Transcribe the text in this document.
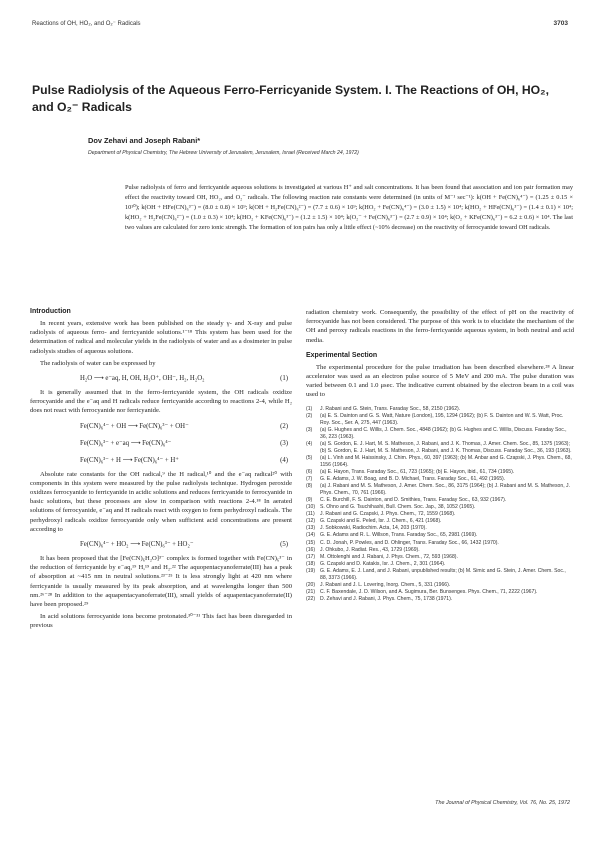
Reactions of OH, HO₂, and O₂⁻ Radicals	3703
Pulse Radiolysis of the Aqueous Ferro-Ferricyanide System. I. The Reactions of OH, HO₂, and O₂⁻ Radicals
Dov Zehavi and Joseph Rabani*
Department of Physical Chemistry, The Hebrew University of Jerusalem, Jerusalem, Israel (Received March 24, 1972)
Pulse radiolysis of ferro and ferricyanide aqueous solutions is investigated at various H⁺ and salt concentrations. It has been found that association and ion pair formation may effect the reactivity toward OH, HO₂, and O₂⁻ radicals. The following reaction rate constants were determined (in units of M⁻¹ sec⁻¹): k(OH + Fe(CN)₆⁴⁻) = (1.25 ± 0.15 × 10¹⁰); k(OH + HFe(CN)₆³⁻) = (8.0 ± 0.8) × 10⁹; k(OH + H₂Fe(CN)₆²⁻) = (7.7 ± 0.6) × 10⁹; k(HO₂ + Fe(CN)₆⁴⁻) = (3.0 ± 1.5) × 10⁴; k(HO₂ + HFe(CN)₆³⁻) = (1.4 ± 0.1) × 10⁴; k(HO₂ + H₂Fe(CN)₆²⁻) = (1.0 ± 0.3) × 10⁴; k(HO₂ + KFe(CN)₆³⁻) = (1.2 ± 1.5) × 10⁴; k(O₂⁻ + Fe(CN)₆³⁻) = (2.7 ± 0.9) × 10⁴; k(O₂ + KFe(CN)₆³⁻) = 6.2 ± 0.6) × 10⁴. The last two values are calculated for zero ionic strength. The formation of ion pairs has only a little effect (~10% decrease) on the reactivity of ferrocyanide toward OH radicals.
Introduction

In recent years, extensive work has been published on the steady γ- and X-ray and pulse radiolysis of aqueous ferro- and ferricyanide solutions.¹⁻¹⁸ This system has been used for the determination of radical and molecular yields in the radiolysis of water and as a dosimeter in pulse radiolysis studies of aqueous solutions.

The radiolysis of water can be expressed by

H₂O ⟶ e⁻aq, H, OH, H₃O⁺, OH⁻, H₂, H₂O₂	(1)

It is generally assumed that in the ferro-ferricyanide system, the OH radicals oxidize ferrocyanide and the e⁻aq and H radicals reduce ferricyanide according to reactions 2-4, while H₂ does not react with ferrocyanide nor ferricyanide.

Fe(CN)₆⁴⁻ + OH ⟶ Fe(CN)₆³⁻ + OH⁻	(2)
Fe(CN)₆³⁻ + e⁻aq ⟶ Fe(CN)₆⁴⁻	(3)
Fe(CN)₆³⁻ + H ⟶ Fe(CN)₆⁴⁻ + H⁺	(4)

Absolute rate constants for the OH radical,⁹ the H radical,¹⁰ and the e⁻aq radical²⁰ with components in this system were measured by the pulse radiolysis technique. Hydrogen peroxide oxidizes ferrocyanide to ferricyanide in acidic solutions and reduces ferricyanide to ferrocyanide in basic solutions, but these processes are slow in comparison with reactions 2-4.¹⁸ In aerated solutions of ferrocyanide, e⁻aq and H radicals react with oxygen to form perhydroxyl radicals. The perhydroxyl radicals oxidize ferrocyanide only when sufficient acid concentrations are present according to

Fe(CN)₆⁴⁻ + HO₂ ⟶ Fe(CN)₆³⁻ + HO₂⁻	(5)

It has been proposed that the [Fe(CN)₆H₂O]³⁻ complex is formed together with Fe(CN)₆³⁻ in the reduction of ferricyanide by e⁻aq,¹⁹ H,¹⁹ and H₂.²² The aquopentacyanoferrate(III) has a peak of absorption at ~415 nm in neutral solutions.²³⁻²⁵ It is less strongly light at 420 nm where ferricyanide is usually measured by its peak absorption, and at wavelengths longer than 500 nm.²⁶⁻²⁸ In addition to the aquapentacyanoferrate(III), small yields of aquapentacyanoferrate(II) have been proposed.²⁹

In acid solutions ferrocyanide ions become protonated.³⁰⁻³¹ This fact has been disregarded in previous

radiation chemistry work. Consequently, the possibility of the effect of pH on the reactivity of ferrocyanide has not been considered. The purpose of this work is to elucidate the mechanism of the OH and peroxy radicals reactions in the ferro-ferricyanide aqueous system, in both neutral and acid media.

Experimental Section

The experimental procedure for the pulse irradiation has been described elsewhere.²⁸ A linear accelerator was used as an electron pulse source of 5 MeV and 200 mA. The pulse duration was varied between 0.1 and 1.0 μsec. The indicative current obtained by the electron beam in a coil was used to

(1)	J. Rabani and G. Stein, Trans. Faraday Soc., 58, 2150 (1962).
(2)	(a) E. S. Dainton and G. S. Watt, Nature (London), 195, 1294 (1962); (b) F. S. Dainton and W. S. Watt, Proc. Roy. Soc., Ser. A, 275, 447 (1963).
(3)	(a) G. Hughes and C. Willis, J. Chem. Soc., 4848 (1962); (b) G. Hughes and C. Willis, Discuss. Faraday Soc., 36, 223 (1963).
(4)	(a) S. Gordon, E. J. Hart, M. S. Matheson, J. Rabani, and J. K. Thomas, J. Amer. Chem. Soc., 85, 1375 (1963); (b) S. Gordon, E. J. Hart, M. S. Matheson, J. Rabani, and J. K. Thomas, Discuss. Faraday Soc., 36, 193 (1963).
(5)	(a) L. Vinh and M. Haissinsky, J. Chim. Phys., 60, 397 (1963); (b) M. Anbar and G. Czapski, J. Phys. Chem., 68, 1156 (1964).
(6)	(a) E. Hayon, Trans. Faraday Soc., 61, 723 (1965); (b) E. Hayon, ibid., 61, 734 (1965).
(7)	G. E. Adams, J. W. Boag, and B. D. Michael, Trans. Faraday Soc., 61, 492 (1965).
(8)	(a) J. Rabani and M. S. Matheson, J. Amer. Chem. Soc., 86, 3175 (1964); (b) J. Rabani and M. S. Matheson, J. Phys. Chem., 70, 761 (1966).
(9)	C. E. Burchill, F. S. Dainton, and D. Smithies, Trans. Faraday Soc., 63, 932 (1967).
(10) S. Ohno and G. Tsuchihashi, Bull. Chem. Soc. Jap., 38, 1052 (1965).
(11)	J. Rabani and G. Czapski, J. Phys. Chem., 72, 1559 (1968).
(12) G. Czapski and E. Peled, Isr. J. Chem., 6, 421 (1968).
(13) J. Sobkowski, Radiochim. Acta, 14, 203 (1970).
(14) G. E. Adams and R. L. Willson, Trans. Faraday Soc., 65, 2981 (1969).
(15) C. D. Jonah, P. Powles, and D. Ohlinger, Trans. Faraday Soc., 66, 1432 (1970).
(16) J. Ohkubo, J. Radiat. Res., 43, 1729 (1969).
(17) M. Ottolenghi and J. Rabani, J. Phys. Chem., 72, 593 (1968).
(18) G. Czapski and D. Katakis, Isr. J. Chem., 2, 301 (1964).
(19) G. E. Adams, E. J. Land, and J. Rabani, unpublished results; (b) M. Simic and G. Stein, J. Amer. Chem. Soc., 88, 3373 (1966).
(20) J. Rabani and J. L. Lovering, Inorg. Chem., 5, 331 (1966).
(21) C. F. Baxendale, J. D. Wilson, and A. Sugimura, Ber. Bunsenges. Phys. Chem., 71, 2222 (1967).
(22) D. Zehavi and J. Rabani, J. Phys. Chem., 75, 1738 (1971).
The Journal of Physical Chemistry, Vol. 76, No. 25, 1972
